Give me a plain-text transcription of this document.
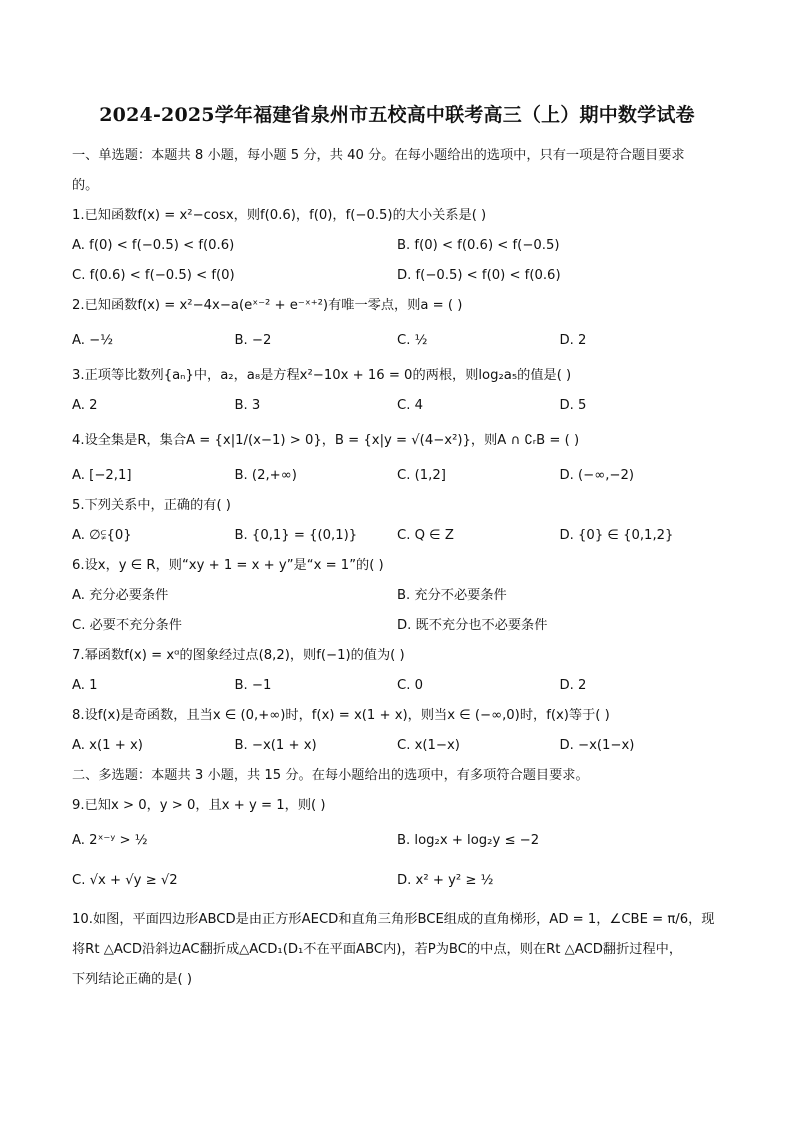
2024-2025学年福建省泉州市五校高中联考高三（上）期中数学试卷

一、单选题：本题共 8 小题，每小题 5 分，共 40 分。在每小题给出的选项中，只有一项是符合题目要求
的。

1.已知函数f(x) = x²−cosx，则f(0.6)，f(0)，f(−0.5)的大小关系是( )

A. f(0) < f(−0.5) < f(0.6)	B. f(0) < f(0.6) < f(−0.5)
C. f(0.6) < f(−0.5) < f(0)	D. f(−0.5) < f(0) < f(0.6)

2.已知函数f(x) = x²−4x−a(eˣ⁻² + e⁻ˣ⁺²)有唯一零点，则a = ( )

A. −½	B. −2	C. ½	D. 2

3.正项等比数列{aₙ}中，a₂，a₈是方程x²−10x + 16 = 0的两根，则log₂a₅的值是( )

A. 2	B. 3	C. 4	D. 5

4.设全集是R，集合A = {x|1/(x−1) > 0}，B = {x|y = √(4−x²)}，则A ∩ ∁ᵣB = ( )

A. [−2,1]	B. (2,+∞)	C. (1,2]	D. (−∞,−2)

5.下列关系中，正确的有( )

A. ∅⫋{0}	B. {0,1} = {(0,1)}	C. Q ∈ Z	D. {0} ∈ {0,1,2}

6.设x，y ∈ R，则“xy + 1 = x + y”是“x = 1”的( )

A. 充分必要条件	B. 充分不必要条件
C. 必要不充分条件	D. 既不充分也不必要条件

7.幂函数f(x) = xᵅ的图象经过点(8,2)，则f(−1)的值为( )

A. 1	B. −1	C. 0	D. 2

8.设f(x)是奇函数，且当x ∈ (0,+∞)时，f(x) = x(1 + x)，则当x ∈ (−∞,0)时，f(x)等于( )

A. x(1 + x)	B. −x(1 + x)	C. x(1−x)	D. −x(1−x)

二、多选题：本题共 3 小题，共 15 分。在每小题给出的选项中，有多项符合题目要求。

9.已知x > 0，y > 0，且x + y = 1，则( )

A. 2ˣ⁻ʸ > ½	B. log₂x + log₂y ≤ −2
C. √x + √y ≥ √2	D. x² + y² ≥ ½

10.如图，平面四边形ABCD是由正方形AECD和直角三角形BCE组成的直角梯形，AD = 1，∠CBE = π/6，现
将Rt △ACD沿斜边AC翻折成△ACD₁(D₁不在平面ABC内)，若P为BC的中点，则在Rt △ACD翻折过程中，
下列结论正确的是( )
